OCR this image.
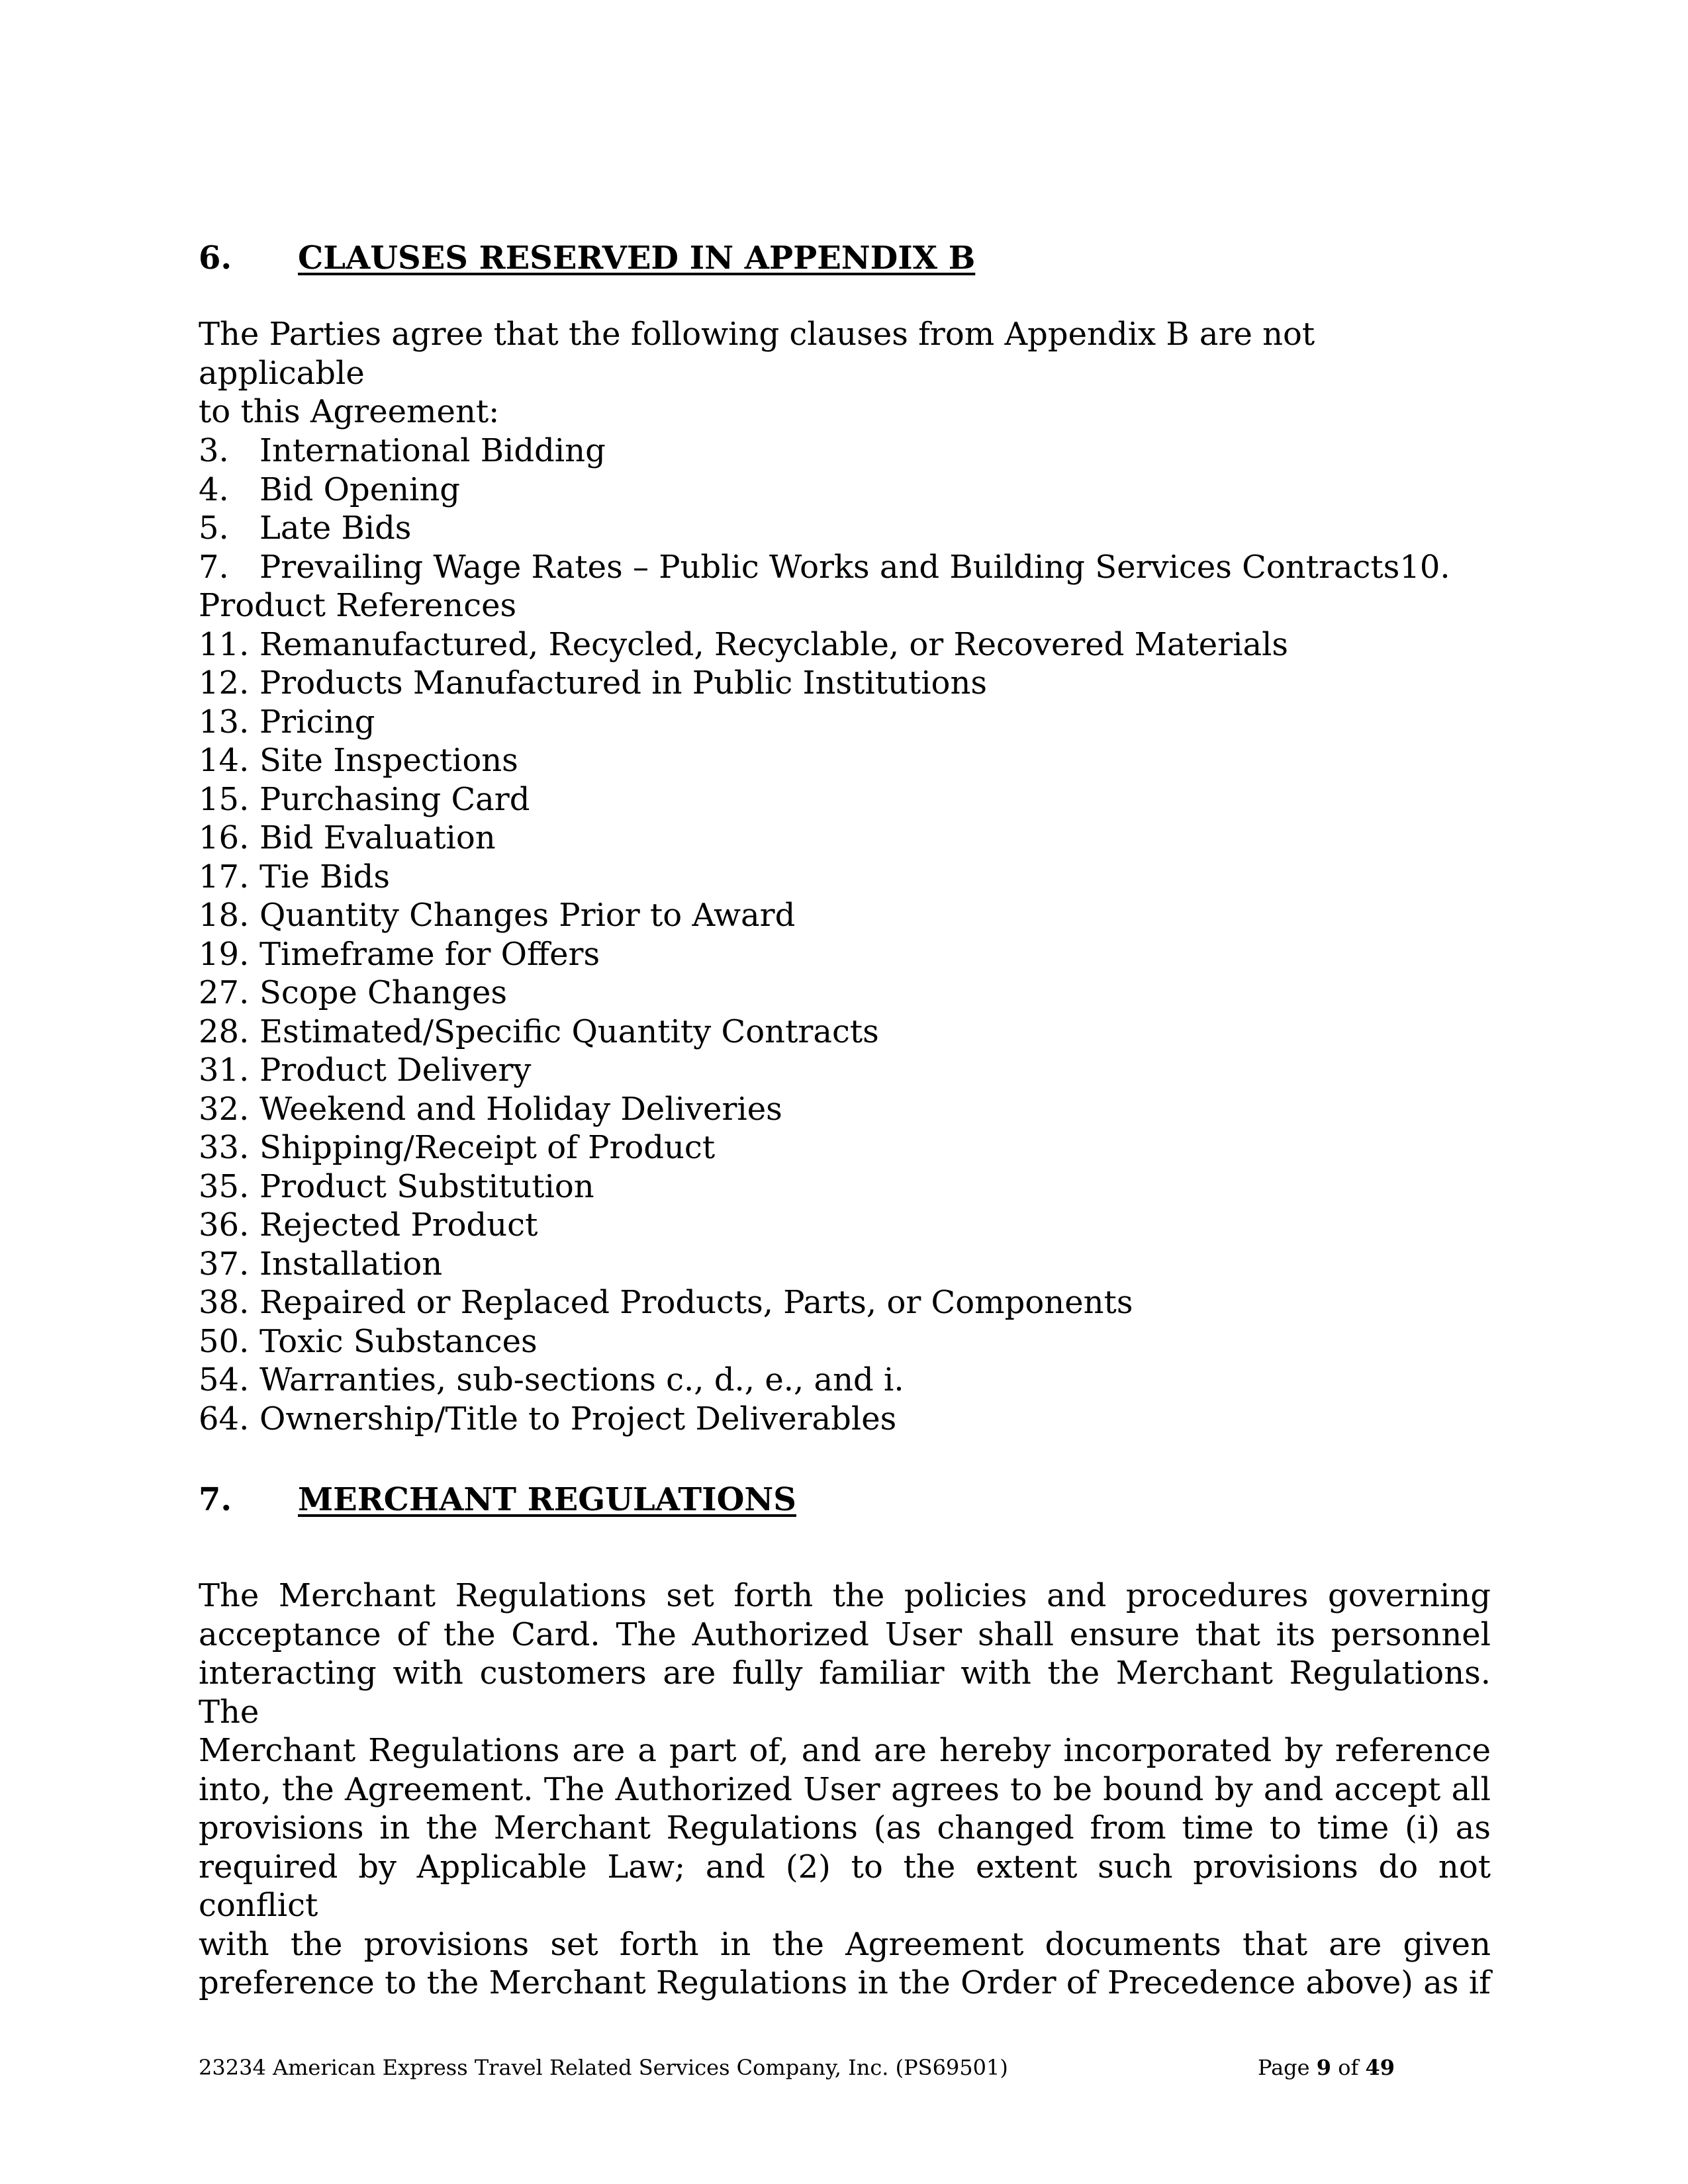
6. CLAUSES RESERVED IN APPENDIX B
The Parties agree that the following clauses from Appendix B are not applicable
to this Agreement:
3. International Bidding
4. Bid Opening
5. Late Bids
7. Prevailing Wage Rates – Public Works and Building Services Contracts10.
Product References
11. Remanufactured, Recycled, Recyclable, or Recovered Materials
12. Products Manufactured in Public Institutions
13. Pricing
14. Site Inspections
15. Purchasing Card
16. Bid Evaluation
17. Tie Bids
18. Quantity Changes Prior to Award
19. Timeframe for Offers
27. Scope Changes
28. Estimated/Specific Quantity Contracts
31. Product Delivery
32. Weekend and Holiday Deliveries
33. Shipping/Receipt of Product
35. Product Substitution
36. Rejected Product
37. Installation
38. Repaired or Replaced Products, Parts, or Components
50. Toxic Substances
54. Warranties, sub-sections c., d., e., and i.
64. Ownership/Title to Project Deliverables
7. MERCHANT REGULATIONS
The Merchant Regulations set forth the policies and procedures governing
acceptance of the Card. The Authorized User shall ensure that its personnel
interacting with customers are fully familiar with the Merchant Regulations. The
Merchant Regulations are a part of, and are hereby incorporated by reference
into, the Agreement. The Authorized User agrees to be bound by and accept all
provisions in the Merchant Regulations (as changed from time to time (i) as
required by Applicable Law; and (2) to the extent such provisions do not conflict
with the provisions set forth in the Agreement documents that are given
preference to the Merchant Regulations in the Order of Precedence above) as if
23234 American Express Travel Related Services Company, Inc. (PS69501)	Page 9 of 49
